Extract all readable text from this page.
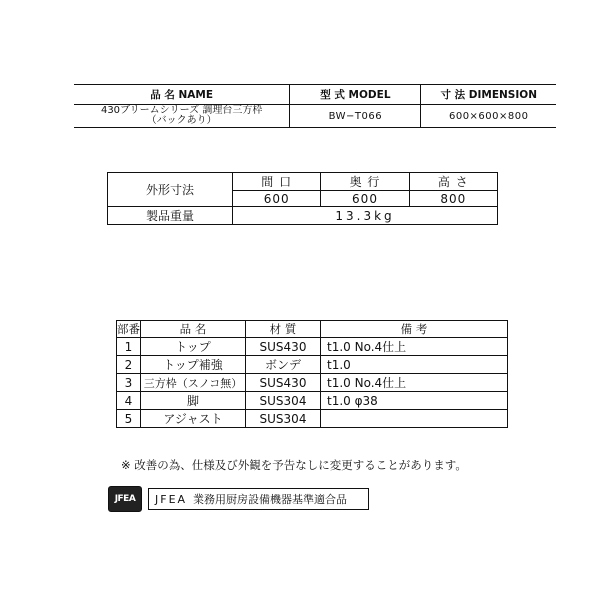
品 名 NAME	型 式 MODEL	寸 法 DIMENSION

430ブリームシリーズ 調理台三方枠
（バックあり）	BW−T066	600×600×800
外形寸法	間 口	奥 行	高 さ
	600	600	800
製品重量	13.3kg		
部番	品 名	材 質	備 考
1	トップ	SUS430	t1.0 No.4仕上
2	トップ補強	ボンデ	t1.0
3	三方枠（スノコ無）	SUS430	t1.0 No.4仕上
4	脚	SUS304	t1.0 φ38
5	アジャスト	SUS304	
※ 改善の為、仕様及び外観を予告なしに変更することがあります。
JFEA	JFEA 業務用厨房設備機器基準適合品
